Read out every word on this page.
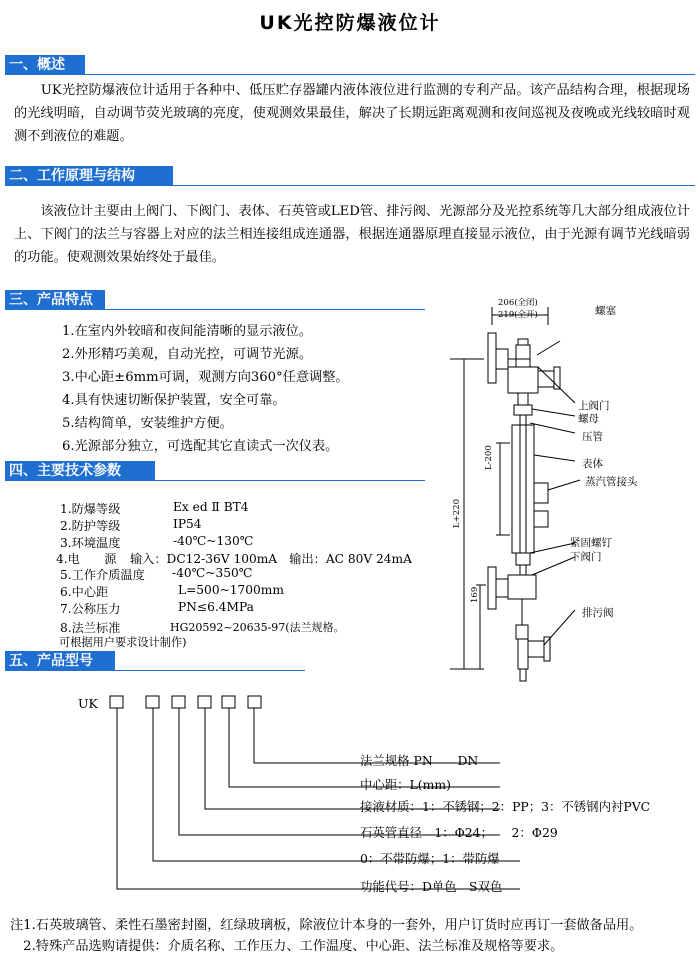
UK光控防爆液位计
一、概述
　　UK光控防爆液位计适用于各种中、低压贮存器罐内液体液位进行监测的专利产品。该产品结构合理，根据现场的光线明暗，自动调节荧光玻璃的亮度，使观测效果最佳，解决了长期远距离观测和夜间巡视及夜晚或光线较暗时观测不到液位的难题。
二、工作原理与结构
　　该液位计主要由上阀门、下阀门、表体、石英管或LED管、排污阀、光源部分及光控系统等几大部分组成液位计上、下阀门的法兰与容器上对应的法兰相连接组成连通器，根据连通器原理直接显示液位，由于光源有调节光线暗弱的功能。使观测效果始终处于最佳。
三、产品特点
1.在室内外较暗和夜间能清晰的显示液位。
2.外形精巧美观，自动光控，可调节光源。
3.中心距±6mm可调，观测方向360°任意调整。
4.具有快速切断保护装置，安全可靠。
5.结构简单，安装维护方便。
6.光源部分独立，可选配其它直读式一次仪表。
四、主要技术参数
1.防爆等级	Ex ed Ⅱ BT4
2.防护等级	IP54
3.环境温度	-40℃~130℃
4.电　　源 输入：DC12-36V 100mA　输出：AC 80V 24mA
5.工作介质温度 -40℃~350℃
6.中心距	L=500~1700mm
7.公称压力	PN≤6.4MPa
8.法兰标准	HG20592~20635-97(法兰规格。
可根据用户要求设计制作)
五、产品型号
UK
法兰规格 PN　　DN
中心距：L(mm)
接液材质：1：不锈钢；2：PP；3：不锈钢内衬PVC
石英管直径　1：Φ24；　　2：Φ29
0：不带防爆；1：带防爆
功能代号：D单色　S双色
注1.石英玻璃管、柔性石墨密封圈，红绿玻璃板，除液位计本身的一套外，用户订货时应再订一套做备品用。
　2.特殊产品选购请提供：介质名称、工作压力、工作温度、中心距、法兰标准及规格等要求。
206(全闭)
219(全开)	螺塞
上阀门
螺母
压管
表体
L-200
蒸汽管接头
L+220
紧固螺钉
下阀门
169
排污阀
